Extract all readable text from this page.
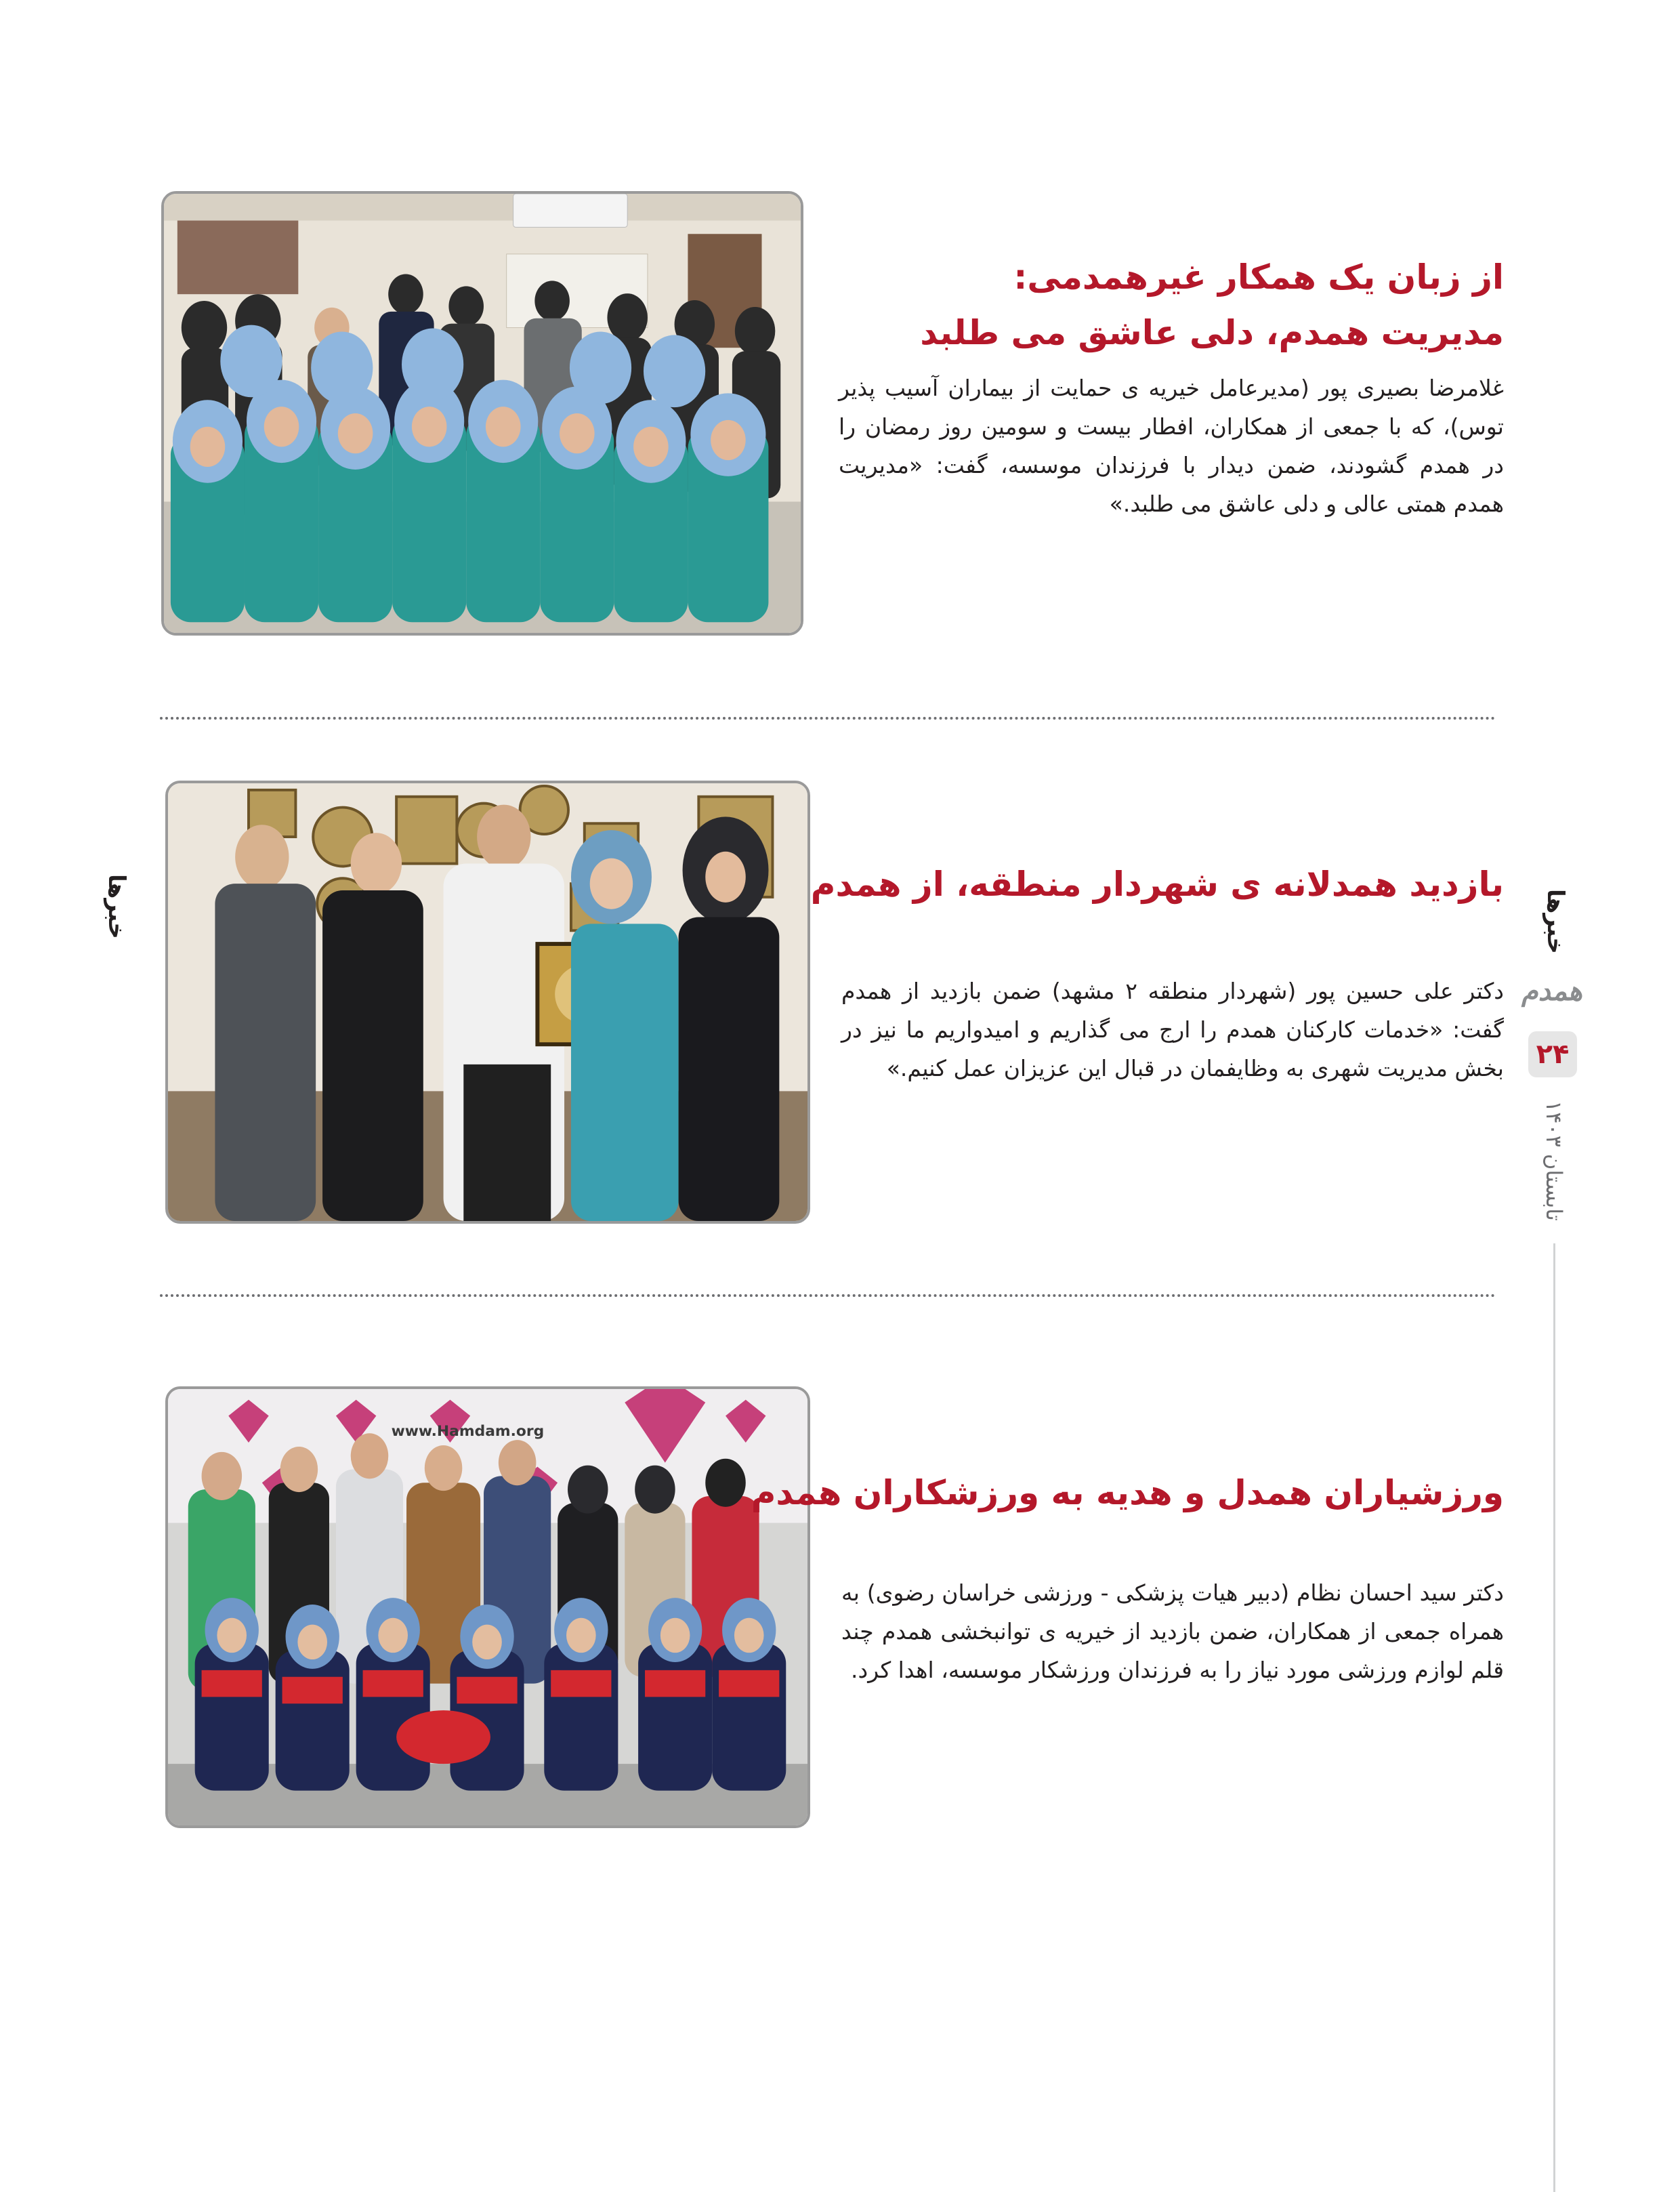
از زبان یک همکار غیرهمدمی:
مدیریت همدم، دلی عاشق می طلبد

غلامرضا بصیری پور (مدیرعامل خیریه ی حمایت از بیماران آسیب پذیر توس)، که با جمعی از همکاران، افطار بیست و سومین روز رمضان را در همدم گشودند، ضمن دیدار با فرزندان موسسه، گفت: «مدیریت همدم همتی عالی و دلی عاشق می طلبد.»

بازدید همدلانه ی شهردار منطقه، از همدم

دکتر علی حسین پور (شهردار منطقه ۲ مشهد) ضمن بازدید از همدم گفت: «خدمات کارکنان همدم را ارج می گذاریم و امیدواریم ما نیز در بخش مدیریت شهری به وظایفمان در قبال این عزیزان عمل کنیم.»

www.Hamdam.org
ورزشیاران همدل و هدیه به ورزشکاران همدم

دکتر سید احسان نظام (دبیر هیات پزشکی - ورزشی خراسان رضوی) به همراه جمعی از همکاران، ضمن بازدید از خیریه ی توانبخشی همدم چند قلم لوازم ورزشی مورد نیاز را به فرزندان ورزشکار موسسه، اهدا کرد.

خبرها
همدم
۲۴
تابستان ۱۴۰۳
خبرها
